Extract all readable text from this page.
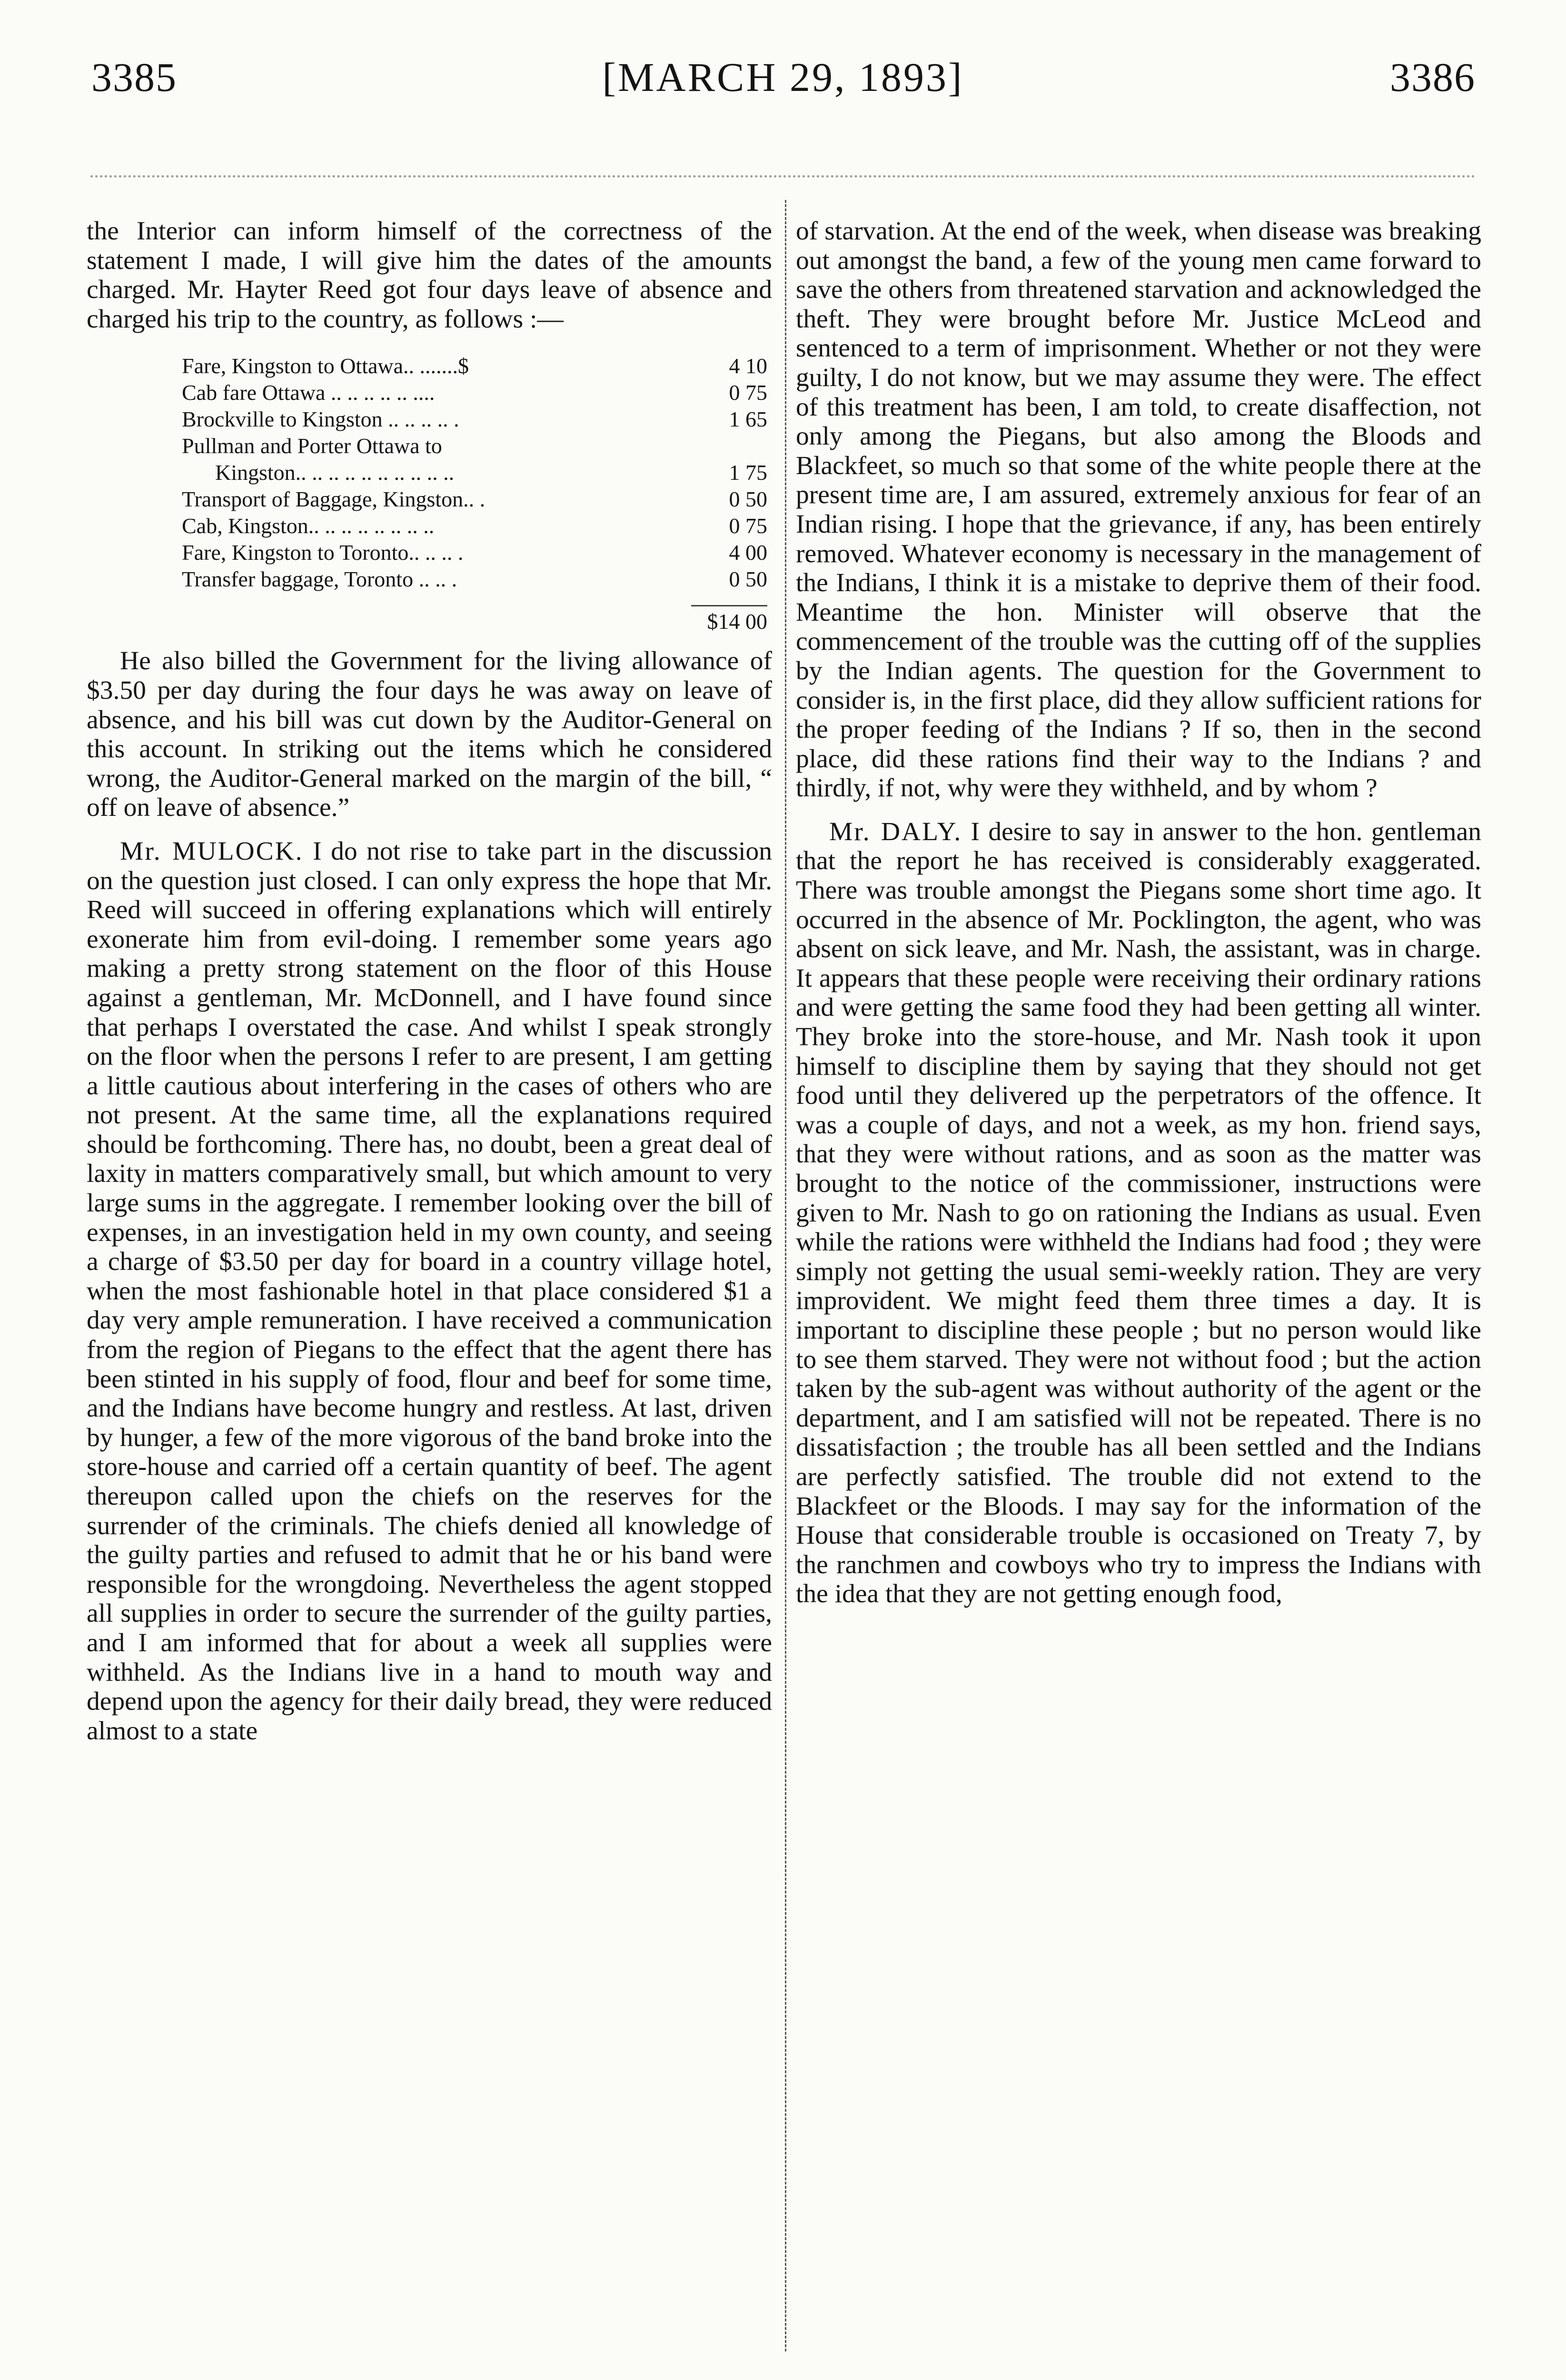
3385	[MARCH 29, 1893]	3386

the Interior can inform himself of the correctness of the statement I made, I will give him the dates of the amounts charged. Mr. Hayter Reed got four days leave of absence and charged his trip to the country, as follows :—

Fare, Kingston to Ottawa.. .......$	4 10
Cab fare Ottawa .. .. .. .. .. ....	0 75
Brockville to Kingston .. .. .. .. .	1 65
Pullman and Porter Ottawa to
Kingston.. .. .. .. .. .. .. .. .. ..	1 75
Transport of Baggage, Kingston.. .	0 50
Cab, Kingston.. .. .. .. .. .. .. ..	0 75
Fare, Kingston to Toronto.. .. .. .	4 00
Transfer baggage, Toronto .. .. .	0 50
$14 00

He also billed the Government for the living allowance of $3.50 per day during the four days he was away on leave of absence, and his bill was cut down by the Auditor-General on this account. In striking out the items which he considered wrong, the Auditor-General marked on the margin of the bill, “ off on leave of absence.”

Mr. MULOCK. I do not rise to take part in the discussion on the question just closed. I can only express the hope that Mr. Reed will succeed in offering explanations which will entirely exonerate him from evil-doing. I remember some years ago making a pretty strong statement on the floor of this House against a gentleman, Mr. McDonnell, and I have found since that perhaps I overstated the case. And whilst I speak strongly on the floor when the persons I refer to are present, I am getting a little cautious about interfering in the cases of others who are not present. At the same time, all the explanations required should be forthcoming. There has, no doubt, been a great deal of laxity in matters comparatively small, but which amount to very large sums in the aggregate. I remember looking over the bill of expenses, in an investigation held in my own county, and seeing a charge of $3.50 per day for board in a country village hotel, when the most fashionable hotel in that place considered $1 a day very ample remuneration. I have received a communication from the region of Piegans to the effect that the agent there has been stinted in his supply of food, flour and beef for some time, and the Indians have become hungry and restless. At last, driven by hunger, a few of the more vigorous of the band broke into the store-house and carried off a certain quantity of beef. The agent thereupon called upon the chiefs on the reserves for the surrender of the criminals. The chiefs denied all knowledge of the guilty parties and refused to admit that he or his band were responsible for the wrongdoing. Nevertheless the agent stopped all supplies in order to secure the surrender of the guilty parties, and I am informed that for about a week all supplies were withheld. As the Indians live in a hand to mouth way and depend upon the agency for their daily bread, they were reduced almost to a state

of starvation. At the end of the week, when disease was breaking out amongst the band, a few of the young men came forward to save the others from threatened starvation and acknowledged the theft. They were brought before Mr. Justice McLeod and sentenced to a term of imprisonment. Whether or not they were guilty, I do not know, but we may assume they were. The effect of this treatment has been, I am told, to create disaffection, not only among the Piegans, but also among the Bloods and Blackfeet, so much so that some of the white people there at the present time are, I am assured, extremely anxious for fear of an Indian rising. I hope that the grievance, if any, has been entirely removed. Whatever economy is necessary in the management of the Indians, I think it is a mistake to deprive them of their food. Meantime the hon. Minister will observe that the commencement of the trouble was the cutting off of the supplies by the Indian agents. The question for the Government to consider is, in the first place, did they allow sufficient rations for the proper feeding of the Indians ? If so, then in the second place, did these rations find their way to the Indians ? and thirdly, if not, why were they withheld, and by whom ?

Mr. DALY. I desire to say in answer to the hon. gentleman that the report he has received is considerably exaggerated. There was trouble amongst the Piegans some short time ago. It occurred in the absence of Mr. Pocklington, the agent, who was absent on sick leave, and Mr. Nash, the assistant, was in charge. It appears that these people were receiving their ordinary rations and were getting the same food they had been getting all winter. They broke into the store-house, and Mr. Nash took it upon himself to discipline them by saying that they should not get food until they delivered up the perpetrators of the offence. It was a couple of days, and not a week, as my hon. friend says, that they were without rations, and as soon as the matter was brought to the notice of the commissioner, instructions were given to Mr. Nash to go on rationing the Indians as usual. Even while the rations were withheld the Indians had food ; they were simply not getting the usual semi-weekly ration. They are very improvident. We might feed them three times a day. It is important to discipline these people ; but no person would like to see them starved. They were not without food ; but the action taken by the sub-agent was without authority of the agent or the department, and I am satisfied will not be repeated. There is no dissatisfaction ; the trouble has all been settled and the Indians are perfectly satisfied. The trouble did not extend to the Blackfeet or the Bloods. I may say for the information of the House that considerable trouble is occasioned on Treaty 7, by the ranchmen and cowboys who try to impress the Indians with the idea that they are not getting enough food,
